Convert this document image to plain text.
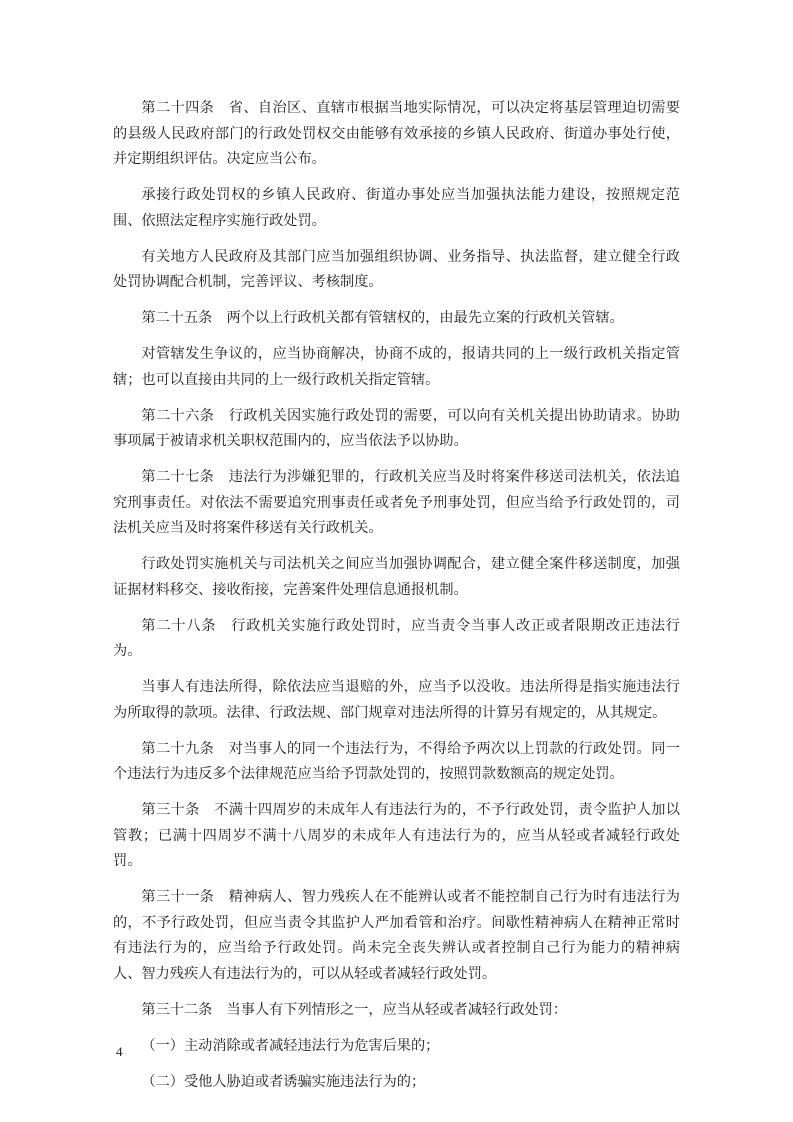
第二十四条　省、自治区、直辖市根据当地实际情况，可以决定将基层管理迫切需要的县级人民政府部门的行政处罚权交由能够有效承接的乡镇人民政府、街道办事处行使，并定期组织评估。决定应当公布。

承接行政处罚权的乡镇人民政府、街道办事处应当加强执法能力建设，按照规定范围、依照法定程序实施行政处罚。

有关地方人民政府及其部门应当加强组织协调、业务指导、执法监督，建立健全行政处罚协调配合机制，完善评议、考核制度。

第二十五条　两个以上行政机关都有管辖权的，由最先立案的行政机关管辖。

对管辖发生争议的，应当协商解决，协商不成的，报请共同的上一级行政机关指定管辖；也可以直接由共同的上一级行政机关指定管辖。

第二十六条　行政机关因实施行政处罚的需要，可以向有关机关提出协助请求。协助事项属于被请求机关职权范围内的，应当依法予以协助。

第二十七条　违法行为涉嫌犯罪的，行政机关应当及时将案件移送司法机关，依法追究刑事责任。对依法不需要追究刑事责任或者免予刑事处罚，但应当给予行政处罚的，司法机关应当及时将案件移送有关行政机关。

行政处罚实施机关与司法机关之间应当加强协调配合，建立健全案件移送制度，加强证据材料移交、接收衔接，完善案件处理信息通报机制。

第二十八条　行政机关实施行政处罚时，应当责令当事人改正或者限期改正违法行为。

当事人有违法所得，除依法应当退赔的外，应当予以没收。违法所得是指实施违法行为所取得的款项。法律、行政法规、部门规章对违法所得的计算另有规定的，从其规定。

第二十九条　对当事人的同一个违法行为，不得给予两次以上罚款的行政处罚。同一个违法行为违反多个法律规范应当给予罚款处罚的，按照罚款数额高的规定处罚。

第三十条　不满十四周岁的未成年人有违法行为的，不予行政处罚，责令监护人加以管教；已满十四周岁不满十八周岁的未成年人有违法行为的，应当从轻或者减轻行政处罚。

第三十一条　精神病人、智力残疾人在不能辨认或者不能控制自己行为时有违法行为的，不予行政处罚，但应当责令其监护人严加看管和治疗。间歇性精神病人在精神正常时有违法行为的，应当给予行政处罚。尚未完全丧失辨认或者控制自己行为能力的精神病人、智力残疾人有违法行为的，可以从轻或者减轻行政处罚。

第三十二条　当事人有下列情形之一，应当从轻或者减轻行政处罚：

（一）主动消除或者减轻违法行为危害后果的；

（二）受他人胁迫或者诱骗实施违法行为的；

4
